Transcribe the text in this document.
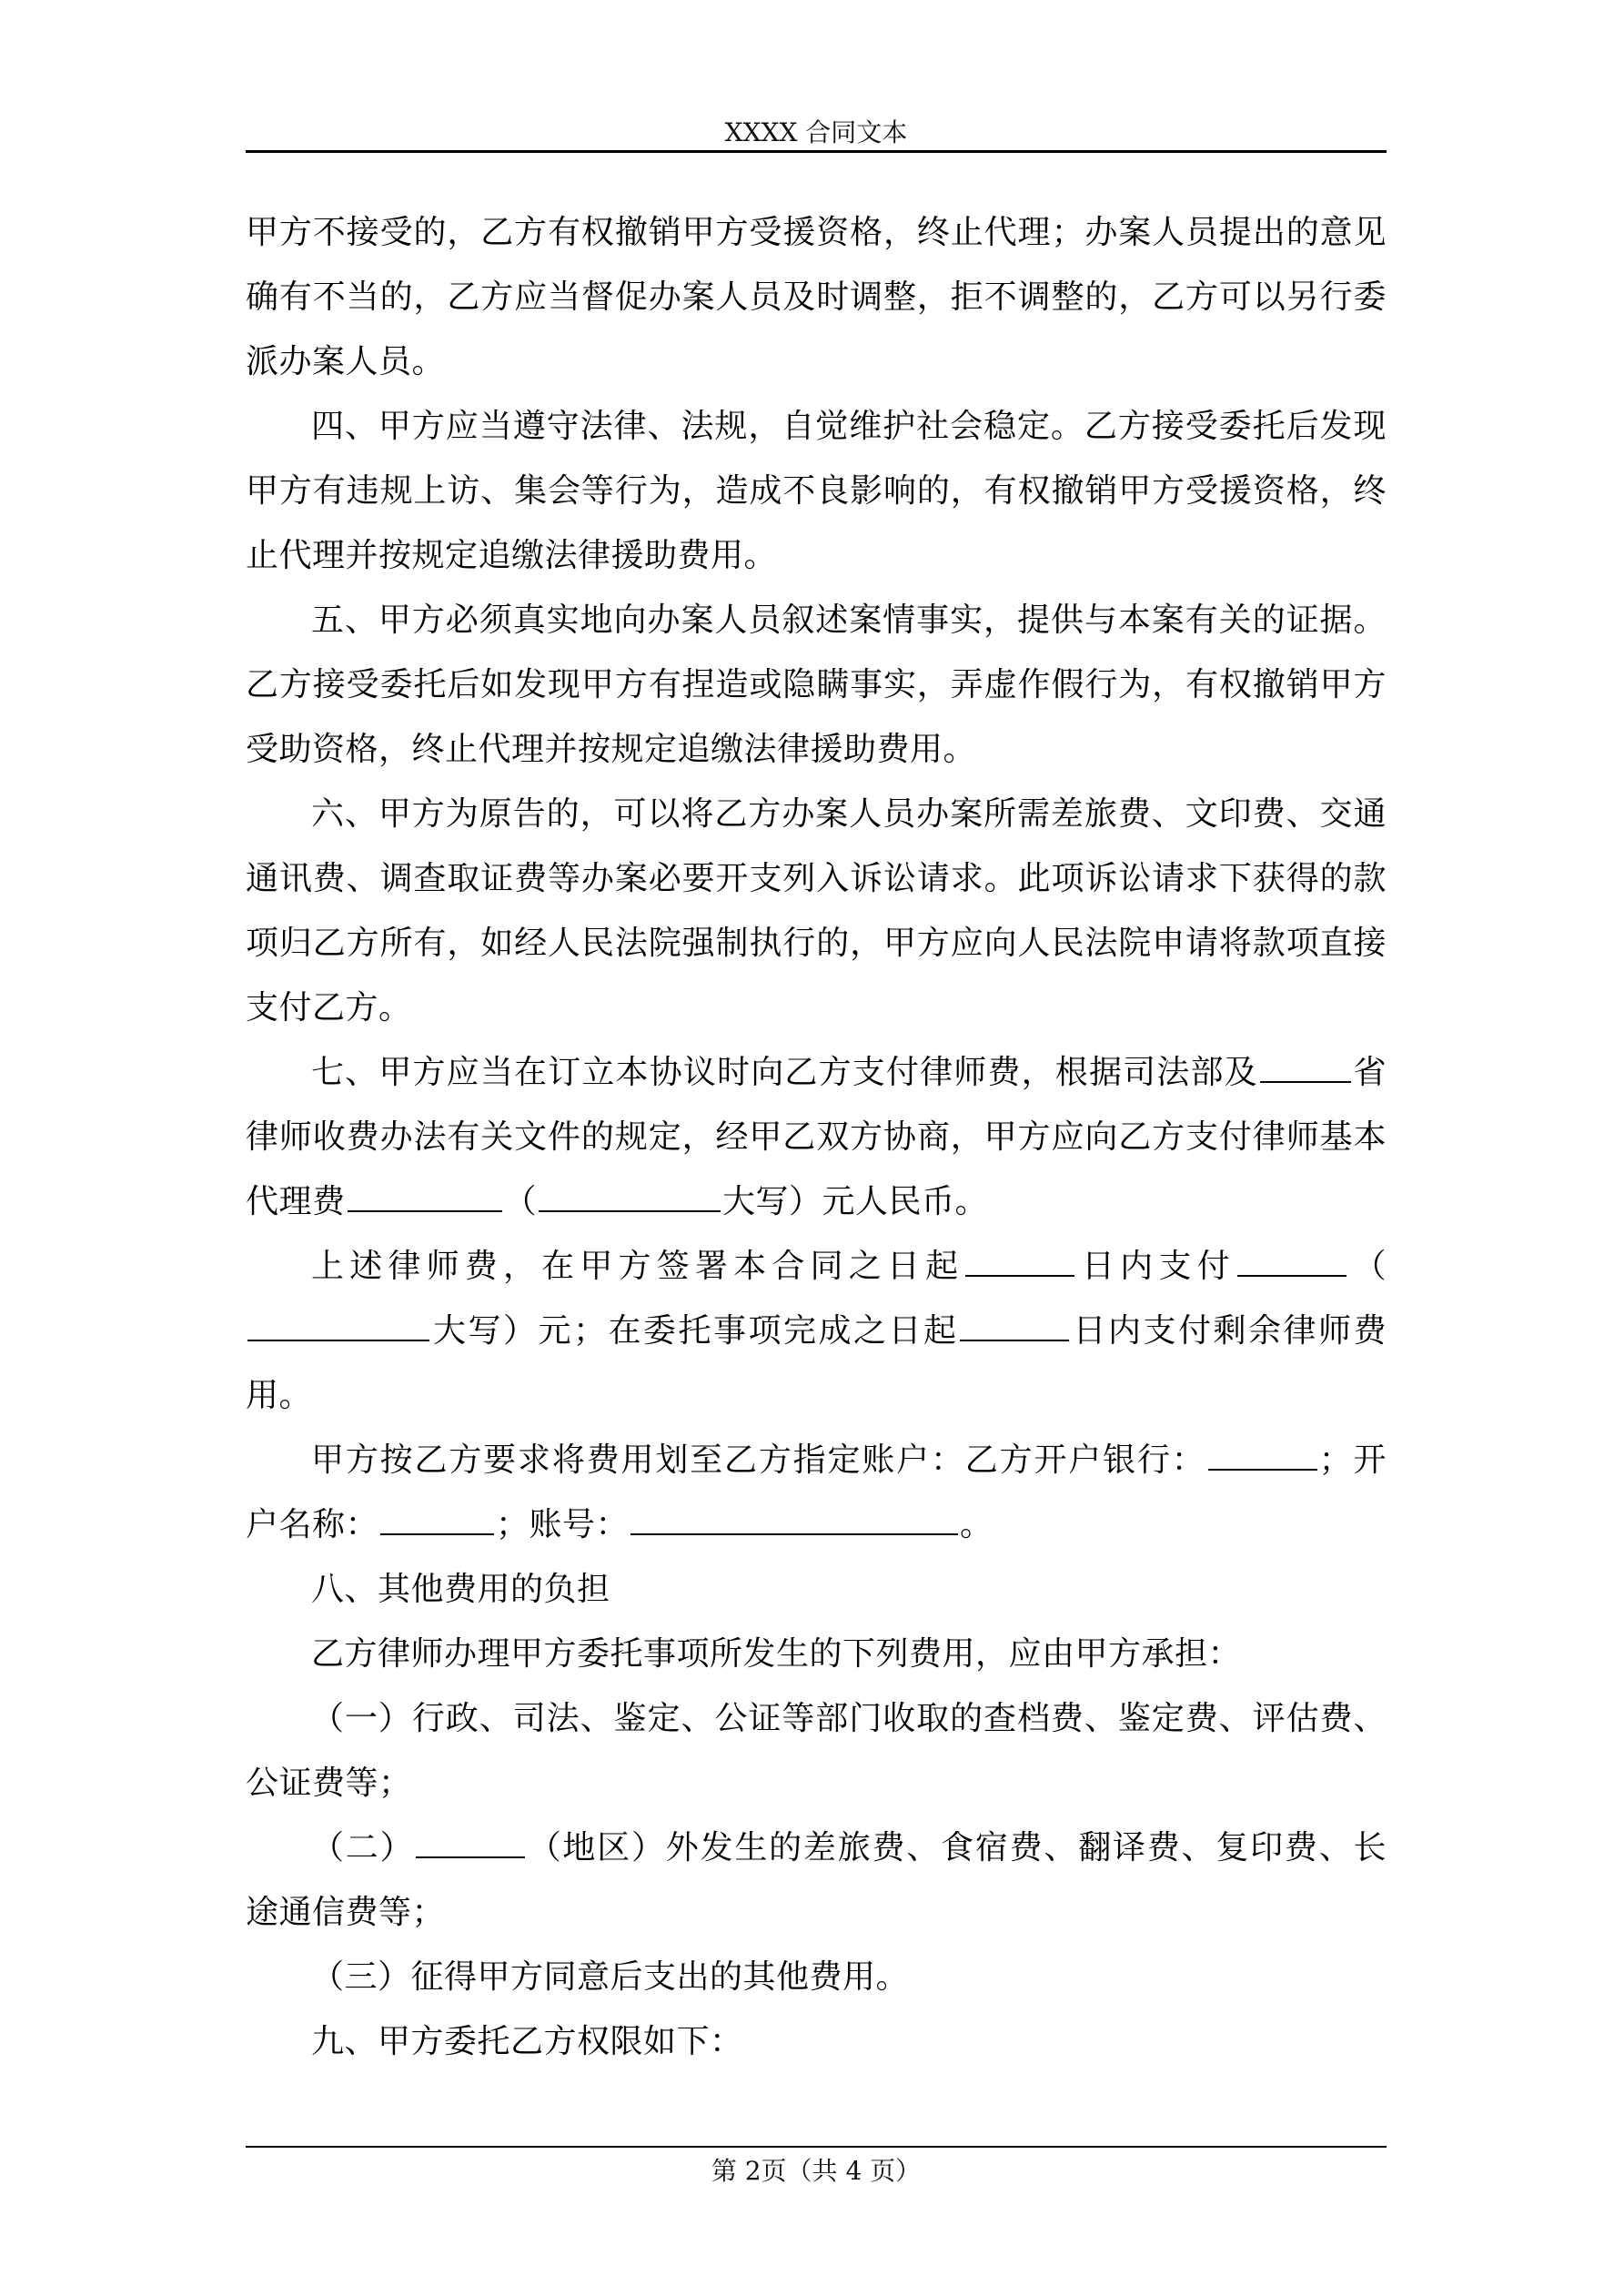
XXXX 合同文本

甲方不接受的，乙方有权撤销甲方受援资格，终止代理；办案人员提出的意见确有不当的，乙方应当督促办案人员及时调整，拒不调整的，乙方可以另行委派办案人员。

四、甲方应当遵守法律、法规，自觉维护社会稳定。乙方接受委托后发现甲方有违规上访、集会等行为，造成不良影响的，有权撤销甲方受援资格，终止代理并按规定追缴法律援助费用。

五、甲方必须真实地向办案人员叙述案情事实，提供与本案有关的证据。乙方接受委托后如发现甲方有捏造或隐瞒事实，弄虚作假行为，有权撤销甲方受助资格，终止代理并按规定追缴法律援助费用。

六、甲方为原告的，可以将乙方办案人员办案所需差旅费、文印费、交通通讯费、调查取证费等办案必要开支列入诉讼请求。此项诉讼请求下获得的款项归乙方所有，如经人民法院强制执行的，甲方应向人民法院申请将款项直接支付乙方。

七、甲方应当在订立本协议时向乙方支付律师费，根据司法部及	省律师收费办法有关文件的规定，经甲乙双方协商，甲方应向乙方支付律师基本代理费	（	大写）元人民币。

上述律师费，在甲方签署本合同之日起	日内支付	（大写）元；在委托事项完成之日起	日内支付剩余律师费用。

甲方按乙方要求将费用划至乙方指定账户：乙方开户银行：	；开户名称：	；账号：	。

八、其他费用的负担

乙方律师办理甲方委托事项所发生的下列费用，应由甲方承担：

（一）行政、司法、鉴定、公证等部门收取的查档费、鉴定费、评估费、公证费等；

（二）	（地区）外发生的差旅费、食宿费、翻译费、复印费、长途通信费等；

（三）征得甲方同意后支出的其他费用。

九、甲方委托乙方权限如下：

第 2页（共 4 页）
